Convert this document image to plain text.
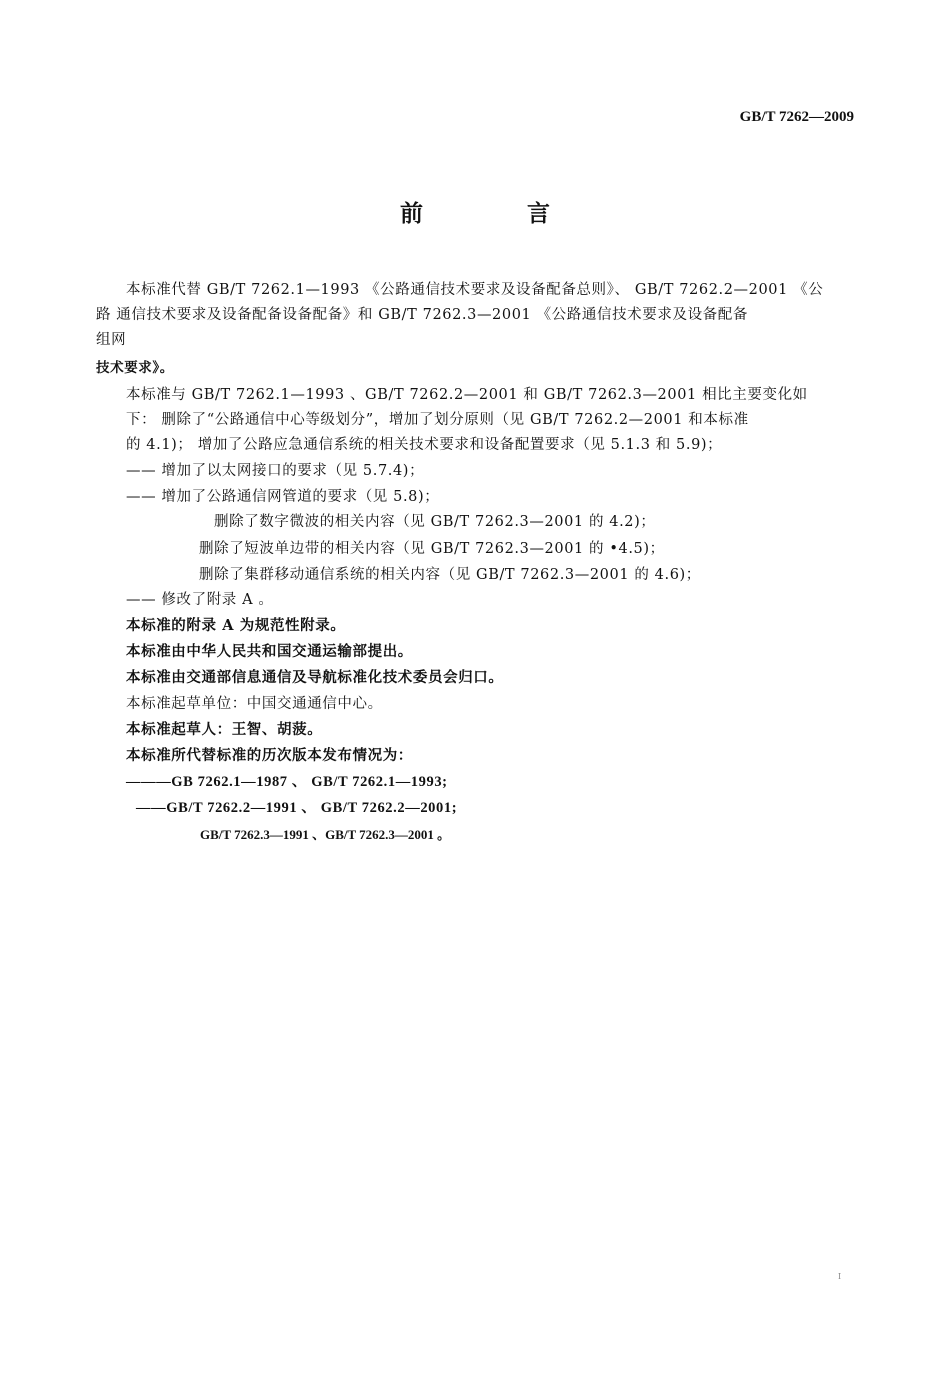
GB/T 7262—2009
前 言
本标准代替 GB/T 7262.1—1993 《公路通信技术要求及设备配备总则》、 GB/T 7262.2—2001 《公
路 通信技术要求及设备配备设备配备》和 GB/T 7262.3—2001 《公路通信技术要求及设备配备
组网
技术要求》。
本标准与 GB/T 7262.1—1993 、GB/T 7262.2—2001 和 GB/T 7262.3—2001 相比主要变化如
下： 删除了“公路通信中心等级划分”，增加了划分原则（见 GB/T 7262.2—2001 和本标准
的 4.1)； 增加了公路应急通信系统的相关技术要求和设备配置要求（见 5.1.3 和 5.9)；
—— 增加了以太网接口的要求（见 5.7.4)；
—— 增加了公路通信网管道的要求（见 5.8)；
删除了数字微波的相关内容（见 GB/T 7262.3—2001 的 4.2)；
删除了短波单边带的相关内容（见 GB/T 7262.3—2001 的 •4.5)；
删除了集群移动通信系统的相关内容（见 GB/T 7262.3—2001 的 4.6)；
—— 修改了附录 A 。
本标准的附录 A 为规范性附录。
本标准由中华人民共和国交通运输部提出。
本标准由交通部信息通信及导航标准化技术委员会归口。
本标准起草单位：中国交通通信中心。
本标准起草人：王智、胡菠。
本标准所代替标准的历次版本发布情况为：
———GB 7262.1—1987 、 GB/T 7262.1—1993;
——GB/T 7262.2—1991 、 GB/T 7262.2—2001;
GB/T 7262.3—1991 、GB/T 7262.3—2001 。
I
